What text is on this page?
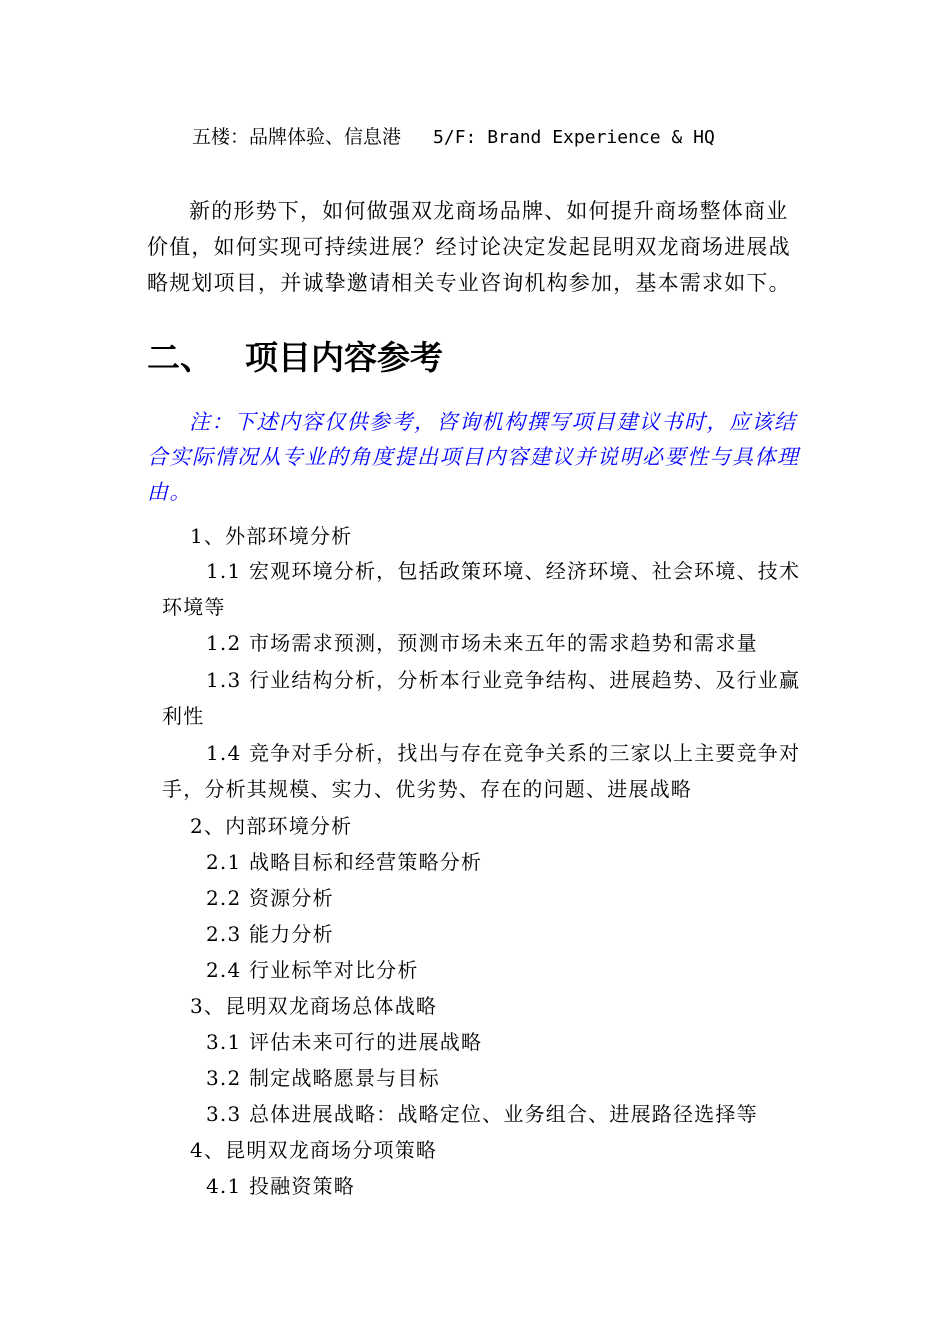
五楼：品牌体验、信息港 5/F: Brand Experience & HQ

新的形势下，如何做强双龙商场品牌、如何提升商场整体商业价值，如何实现可持续进展？经讨论决定发起昆明双龙商场进展战略规划项目，并诚挚邀请相关专业咨询机构参加，基本需求如下。

二、 项目内容参考

注：下述内容仅供参考，咨询机构撰写项目建议书时，应该结合实际情况从专业的角度提出项目内容建议并说明必要性与具体理由。

1、外部环境分析
1.1 宏观环境分析，包括政策环境、经济环境、社会环境、技术环境等
1.2 市场需求预测，预测市场未来五年的需求趋势和需求量
1.3 行业结构分析，分析本行业竞争结构、进展趋势、及行业赢利性
1.4 竞争对手分析，找出与存在竞争关系的三家以上主要竞争对手，分析其规模、实力、优劣势、存在的问题、进展战略
2、内部环境分析
2.1 战略目标和经营策略分析
2.2 资源分析
2.3 能力分析
2.4 行业标竿对比分析
3、昆明双龙商场总体战略
3.1 评估未来可行的进展战略
3.2 制定战略愿景与目标
3.3 总体进展战略：战略定位、业务组合、进展路径选择等
4、昆明双龙商场分项策略
4.1 投融资策略
